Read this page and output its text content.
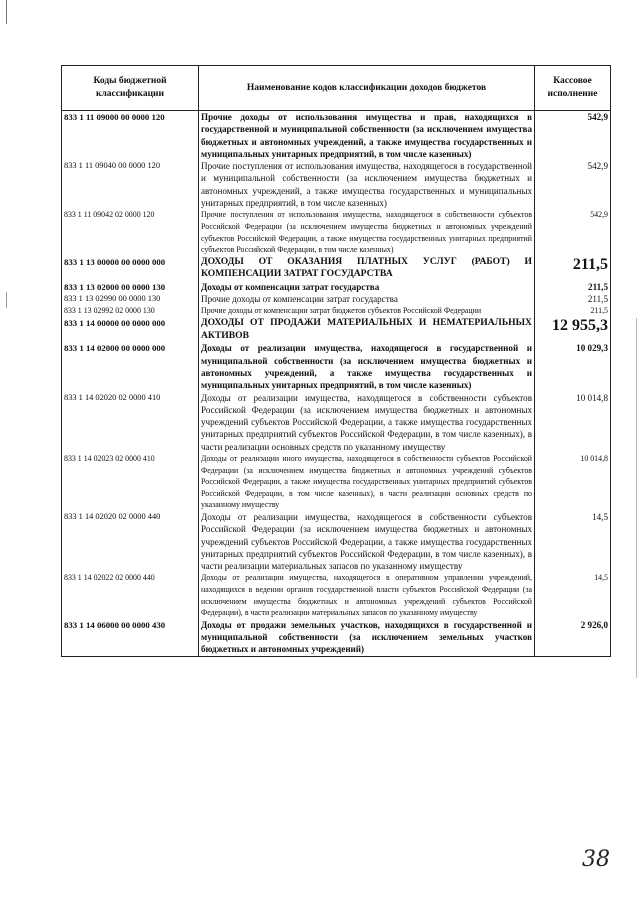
Коды бюджетной классификации	Наименование кодов классификации доходов бюджетов	Кассовое исполнение
833 1 11 09000 00 0000 120	Прочие доходы от использования имущества и прав, находящихся в государственной и муниципальной собственности (за исключением имущества бюджетных и автономных учреждений, а также имущества государственных и муниципальных унитарных предприятий, в том числе казенных)	542,9
833 1 11 09040 00 0000 120	Прочие поступления от использования имущества, находящегося в государственной и муниципальной собственности (за исключением имущества бюджетных и автономных учреждений, а также имущества государственных и муниципальных унитарных предприятий, в том числе казенных)	542,9
833 1 11 09042 02 0000 120	Прочие поступления от использования имущества, находящегося в собственности субъектов Российской Федерации (за исключением имущества бюджетных и автономных учреждений субъектов Российской Федерации, а также имущества государственных унитарных предприятий субъектов Российской Федерации, в том числе казенных)	542,9
833 1 13 00000 00 0000 000	ДОХОДЫ ОТ ОКАЗАНИЯ ПЛАТНЫХ УСЛУГ (РАБОТ) И КОМПЕНСАЦИИ ЗАТРАТ ГОСУДАРСТВА	211,5
833 1 13 02000 00 0000 130	Доходы от компенсации затрат государства	211,5
833 1 13 02990 00 0000 130	Прочие доходы от компенсации затрат государства	211,5
833 1 13 02992 02 0000 130	Прочие доходы от компенсации затрат бюджетов субъектов Российской Федерации	211,5
833 1 14 00000 00 0000 000	ДОХОДЫ ОТ ПРОДАЖИ МАТЕРИАЛЬНЫХ И НЕМАТЕРИАЛЬНЫХ АКТИВОВ	12 955,3
833 1 14 02000 00 0000 000	Доходы от реализации имущества, находящегося в государственной и муниципальной собственности (за исключением имущества бюджетных и автономных учреждений, а также имущества государственных и муниципальных унитарных предприятий, в том числе казенных)	10 029,3
833 1 14 02020 02 0000 410	Доходы от реализации имущества, находящегося в собственности субъектов Российской Федерации (за исключением имущества бюджетных и автономных учреждений субъектов Российской Федерации, а также имущества государственных унитарных предприятий субъектов Российской Федерации, в том числе казенных), в части реализации основных средств по указанному имуществу	10 014,8
833 1 14 02023 02 0000 410	Доходы от реализации иного имущества, находящегося в собственности субъектов Российской Федерации (за исключением имущества бюджетных и автономных учреждений субъектов Российской Федерации, а также имущества государственных унитарных предприятий субъектов Российской Федерации, в том числе казенных), в части реализации основных средств по указанному имуществу	10 014,8
833 1 14 02020 02 0000 440	Доходы от реализации имущества, находящегося в собственности субъектов Российской Федерации (за исключением имущества бюджетных и автономных учреждений субъектов Российской Федерации, а также имущества государственных унитарных предприятий субъектов Российской Федерации, в том числе казенных), в части реализации материальных запасов по указанному имуществу	14,5
833 1 14 02022 02 0000 440	Доходы от реализации имущества, находящегося в оперативном управлении учреждений, находящихся в ведении органов государственной власти субъектов Российской Федерации (за исключением имущества бюджетных и автономных учреждений субъектов Российской Федерации), в части реализации материальных запасов по указанному имуществу	14,5
833 1 14 06000 00 0000 430	Доходы от продажи земельных участков, находящихся в государственной и муниципальной собственности (за исключением земельных участков бюджетных и автономных учреждений)	2 926,0
38
